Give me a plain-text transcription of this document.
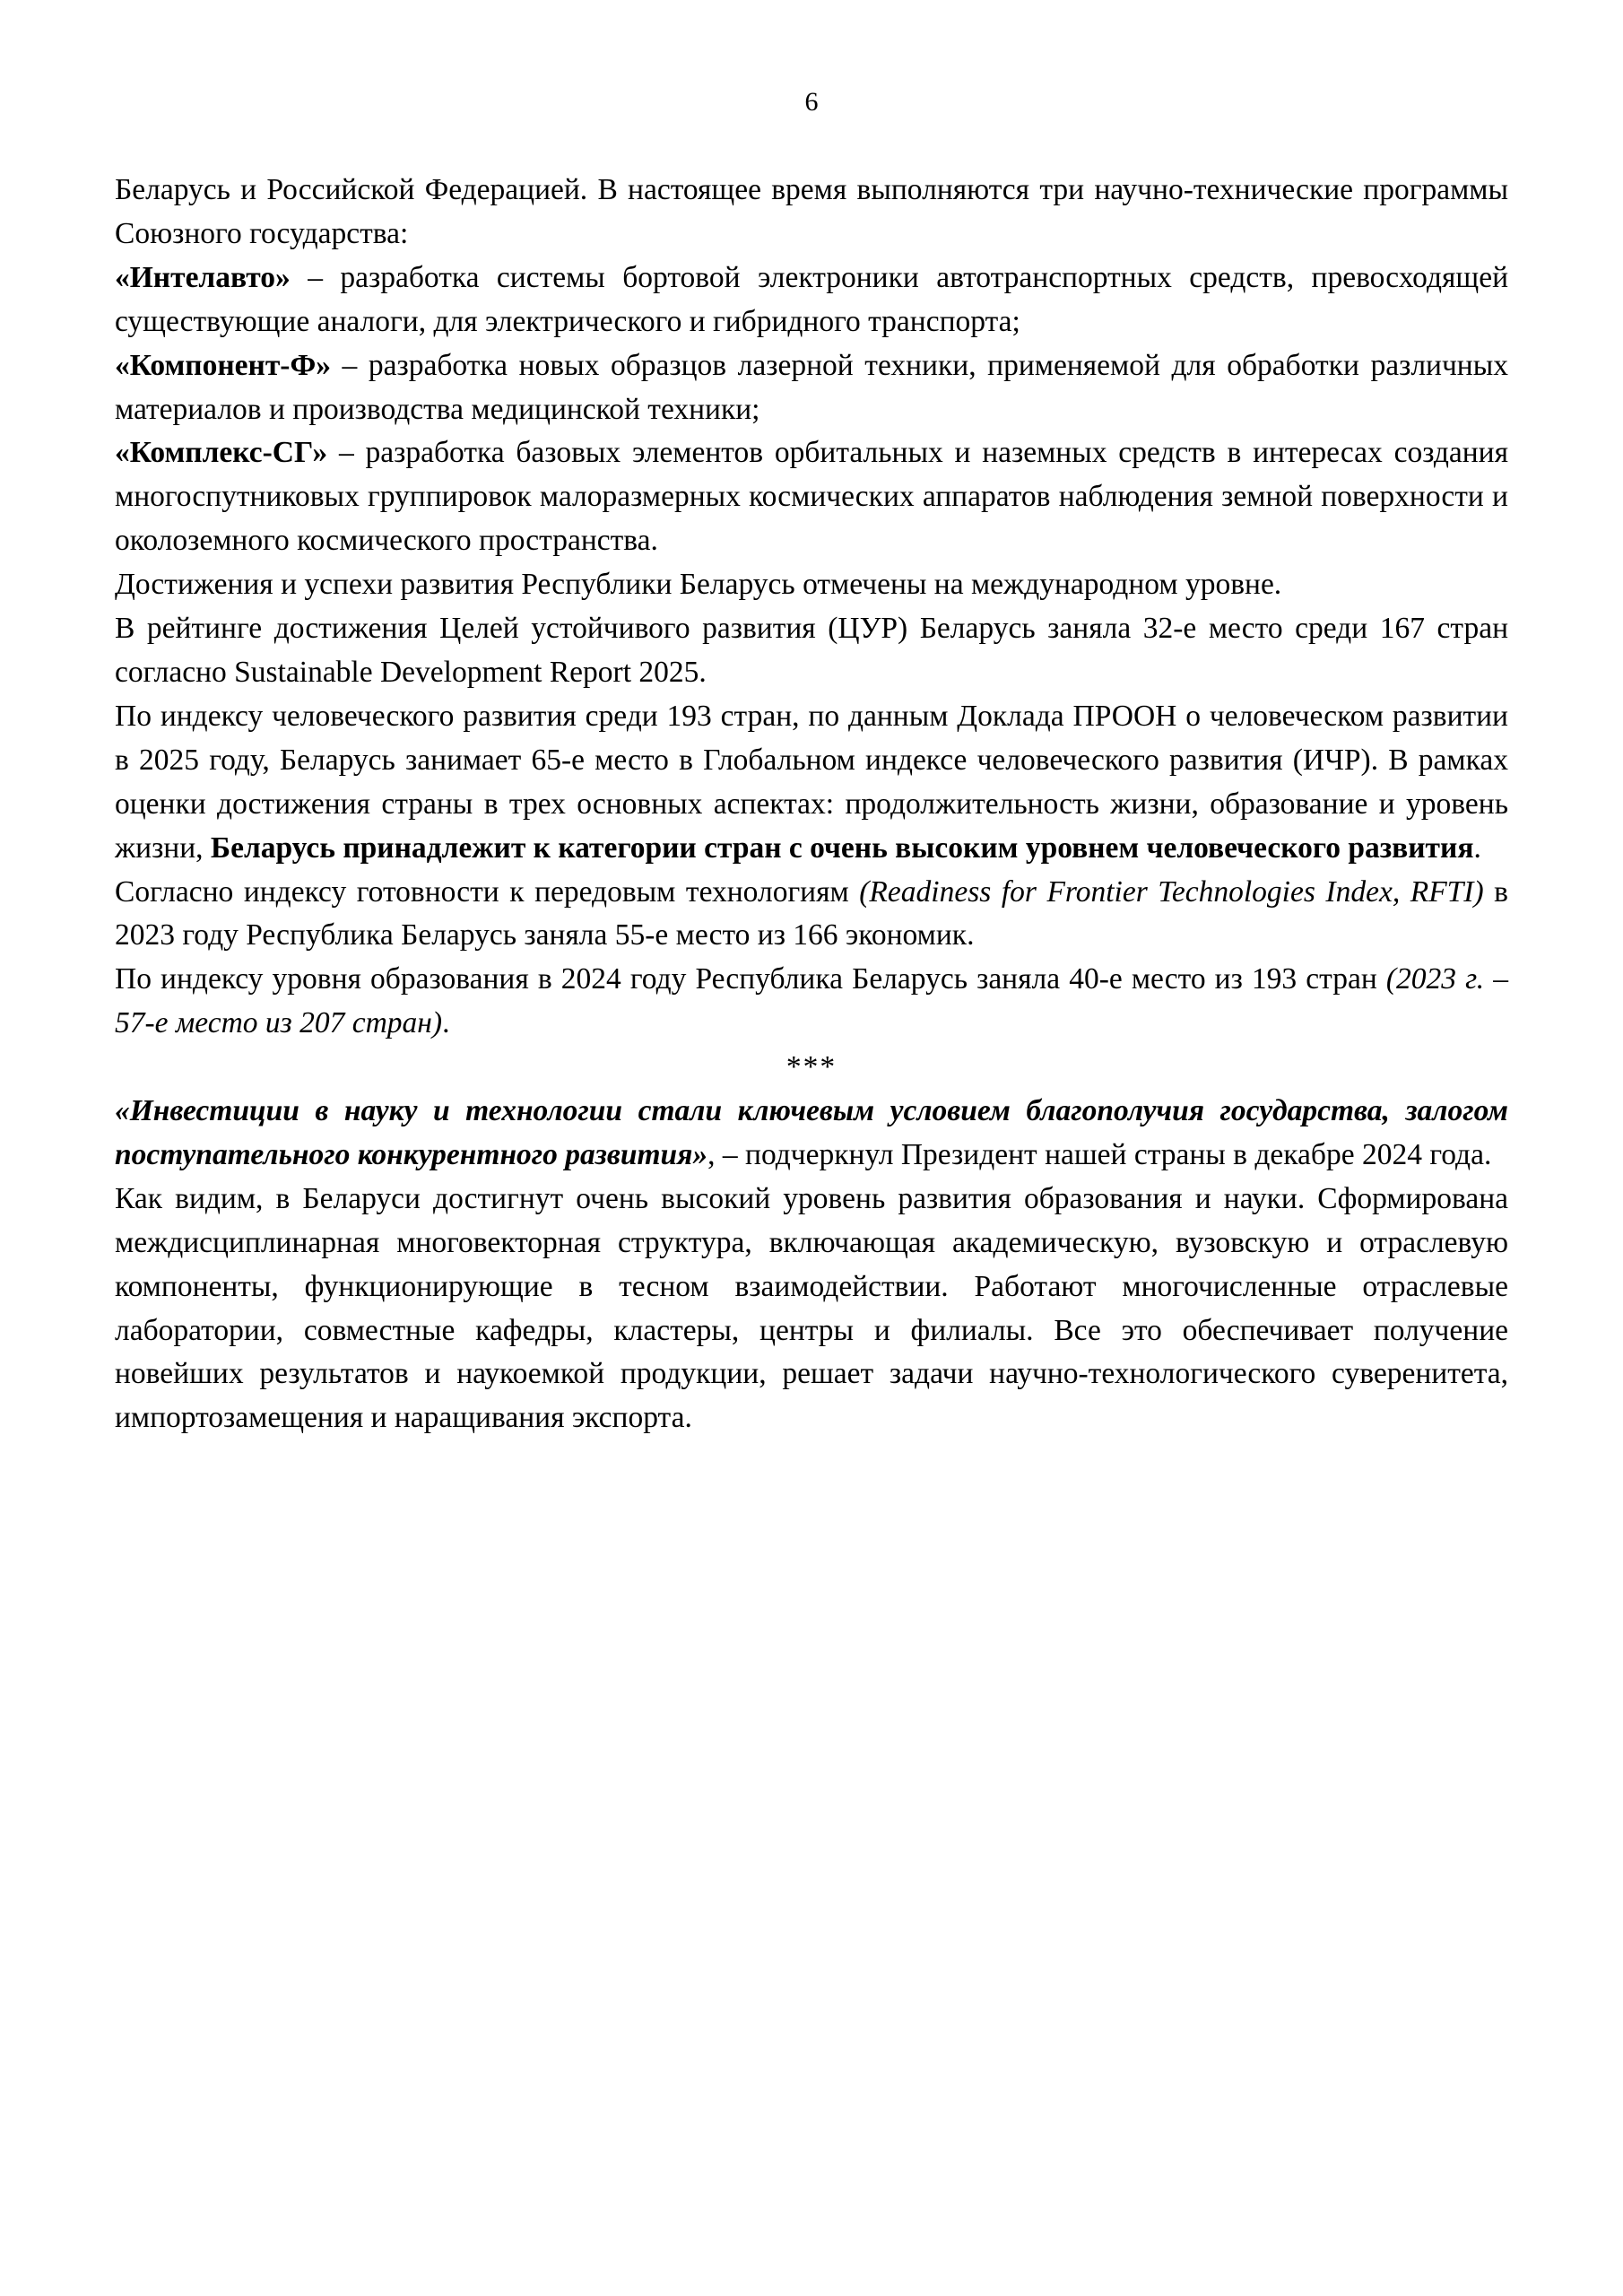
6

Беларусь и Российской Федерацией. В настоящее время выполняются три научно-технические программы Союзного государства:

«Интелавто» – разработка системы бортовой электроники автотранспортных средств, превосходящей существующие аналоги, для электрического и гибридного транспорта;

«Компонент-Ф» – разработка новых образцов лазерной техники, применяемой для обработки различных материалов и производства медицинской техники;

«Комплекс-СГ» – разработка базовых элементов орбитальных и наземных средств в интересах создания многоспутниковых группировок малоразмерных космических аппаратов наблюдения земной поверхности и околоземного космического пространства.

Достижения и успехи развития Республики Беларусь отмечены на международном уровне.

В рейтинге достижения Целей устойчивого развития (ЦУР) Беларусь заняла 32-е место среди 167 стран согласно Sustainable Development Report 2025.

По индексу человеческого развития среди 193 стран, по данным Доклада ПРООН о человеческом развитии в 2025 году, Беларусь занимает 65-е место в Глобальном индексе человеческого развития (ИЧР). В рамках оценки достижения страны в трех основных аспектах: продолжительность жизни, образование и уровень жизни, Беларусь принадлежит к категории стран с очень высоким уровнем человеческого развития.

Согласно индексу готовности к передовым технологиям (Readiness for Frontier Technologies Index, RFTI) в 2023 году Республика Беларусь заняла 55-е место из 166 экономик.

По индексу уровня образования в 2024 году Республика Беларусь заняла 40-е место из 193 стран (2023 г. – 57-е место из 207 стран).

***

«Инвестиции в науку и технологии стали ключевым условием благополучия государства, залогом поступательного конкурентного развития», – подчеркнул Президент нашей страны в декабре 2024 года.

Как видим, в Беларуси достигнут очень высокий уровень развития образования и науки. Сформирована междисциплинарная многовекторная структура, включающая академическую, вузовскую и отраслевую компоненты, функционирующие в тесном взаимодействии. Работают многочисленные отраслевые лаборатории, совместные кафедры, кластеры, центры и филиалы. Все это обеспечивает получение новейших результатов и наукоемкой продукции, решает задачи научно-технологического суверенитета, импортозамещения и наращивания экспорта.
